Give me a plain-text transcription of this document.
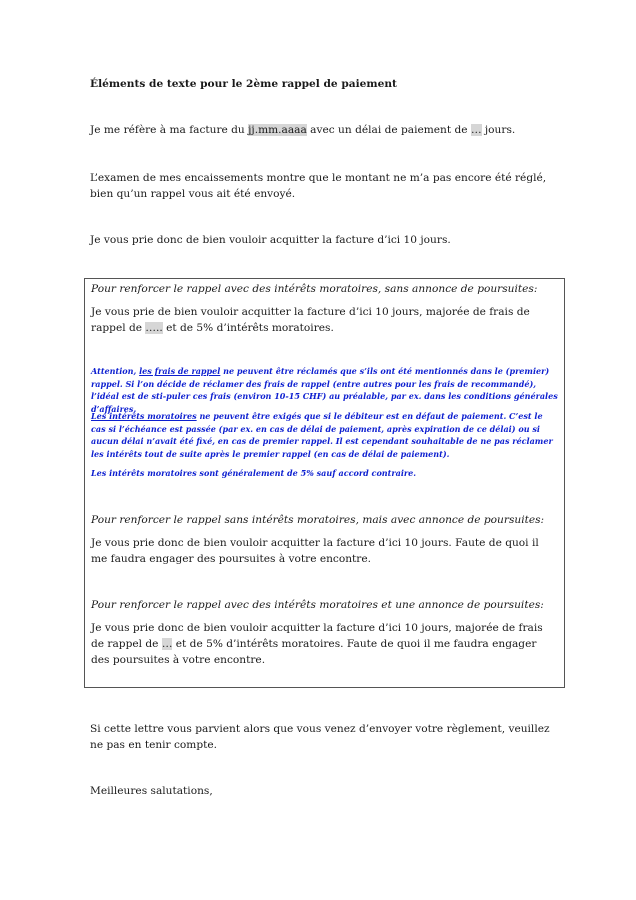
Éléments de texte pour le 2ème rappel de paiement
Je me réfère à ma facture du jj.mm.aaaa avec un délai de paiement de … jours.
L’examen de mes encaissements montre que le montant ne m’a pas encore été réglé, bien qu’un rappel vous ait été envoyé.
Je vous prie donc de bien vouloir acquitter la facture d’ici 10 jours.
Pour renforcer le rappel avec des intérêts moratoires, sans annonce de poursuites:
Je vous prie de bien vouloir acquitter la facture d’ici 10 jours, majorée de frais de rappel de ….. et de 5% d’intérêts moratoires.
Attention, les frais de rappel ne peuvent être réclamés que s’ils ont été mentionnés dans le (premier) rappel. Si l’on décide de réclamer des frais de rappel (entre autres pour les frais de recommandé), l’idéal est de sti-puler ces frais (environ 10-15 CHF) au préalable, par ex. dans les conditions générales d’affaires.
Les intérêts moratoires ne peuvent être exigés que si le débiteur est en défaut de paiement. C’est le cas si l’échéance est passée (par ex. en cas de délai de paiement, après expiration de ce délai) ou si aucun délai n’avait été fixé, en cas de premier rappel. Il est cependant souhaitable de ne pas réclamer les intérêts tout de suite après le premier rappel (en cas de délai de paiement).
Les intérêts moratoires sont généralement de 5% sauf accord contraire.
Pour renforcer le rappel sans intérêts moratoires, mais avec annonce de poursuites:
Je vous prie donc de bien vouloir acquitter la facture d’ici 10 jours. Faute de quoi il me faudra engager des poursuites à votre encontre.
Pour renforcer le rappel avec des intérêts moratoires et une annonce de poursuites:
Je vous prie donc de bien vouloir acquitter la facture d’ici 10 jours, majorée de frais de rappel de … et de 5% d’intérêts moratoires. Faute de quoi il me faudra engager des poursuites à votre encontre.
Si cette lettre vous parvient alors que vous venez d’envoyer votre règlement, veuillez ne pas en tenir compte.
Meilleures salutations,
